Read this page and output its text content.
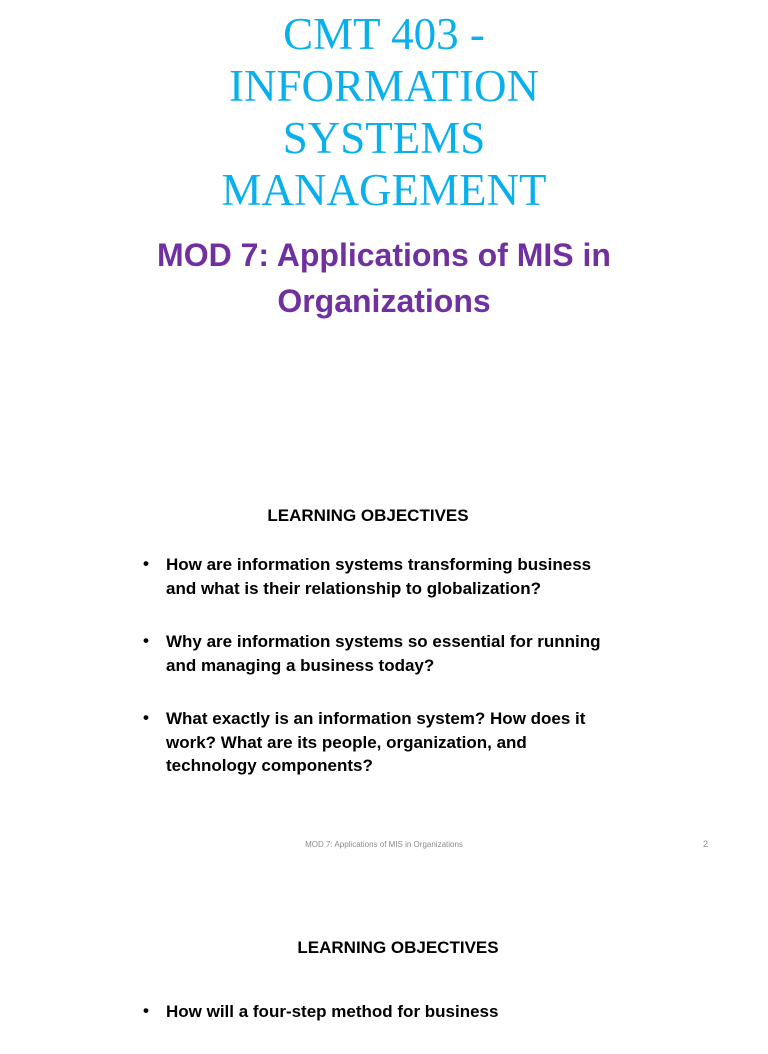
CMT 403 -
INFORMATION
SYSTEMS
MANAGEMENT
MOD 7: Applications of MIS in
Organizations
LEARNING OBJECTIVES
• How are information systems transforming business and what is their relationship to globalization?
• Why are information systems so essential for running and managing a business today?
• What exactly is an information system? How does it work? What are its people, organization, and technology components?

MOD 7: Applications of MIS in Organizations	2
LEARNING OBJECTIVES
• How will a four-step method for business
